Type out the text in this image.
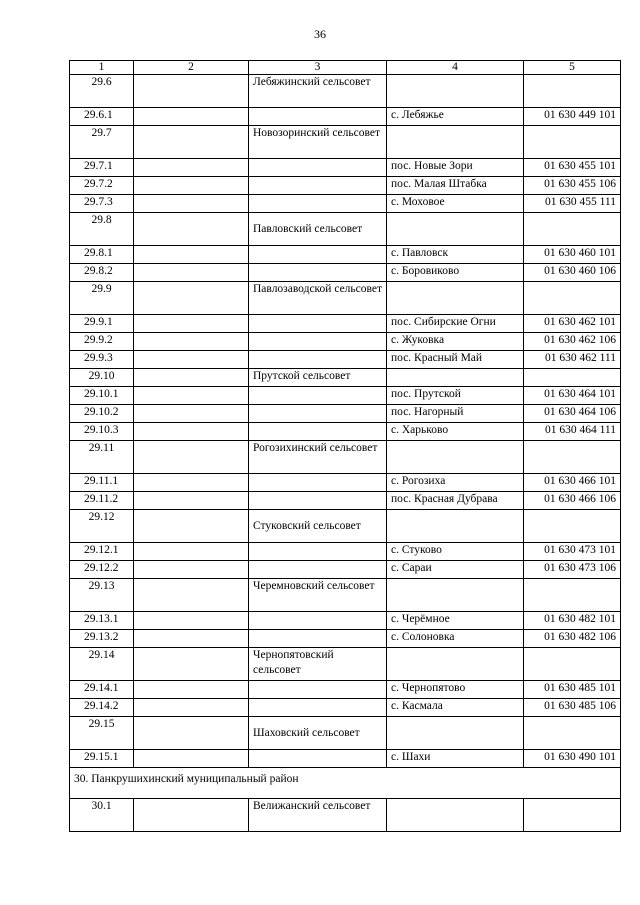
36
1	2	3	4	5
29.6		Лебяжинский сельсовет		
29.6.1			с. Лебяжье	01 630 449 101
29.7		Новозоринский сельсовет		
29.7.1			пос. Новые Зори	01 630 455 101
29.7.2			пос. Малая Штабка	01 630 455 106
29.7.3			с. Моховое	01 630 455 111
29.8		Павловский сельсовет		
29.8.1			с. Павловск	01 630 460 101
29.8.2			с. Боровиково	01 630 460 106
29.9		Павлозаводской сельсовет		
29.9.1			пос. Сибирские Огни	01 630 462 101
29.9.2			с. Жуковка	01 630 462 106
29.9.3			пос. Красный Май	01 630 462 111
29.10		Прутской сельсовет		
29.10.1			пос. Прутской	01 630 464 101
29.10.2			пос. Нагорный	01 630 464 106
29.10.3			с. Харьково	01 630 464 111
29.11		Рогозихинский сельсовет		
29.11.1			с. Рогозиха	01 630 466 101
29.11.2			пос. Красная Дубрава	01 630 466 106
29.12		Стуковский сельсовет		
29.12.1			с. Стуково	01 630 473 101
29.12.2			с. Сараи	01 630 473 106
29.13		Черемновский сельсовет		
29.13.1			с. Черёмное	01 630 482 101
29.13.2			с. Солоновка	01 630 482 106
29.14		Чернопятовский сельсовет		
29.14.1			с. Чернопятово	01 630 485 101
29.14.2			с. Касмала	01 630 485 106
29.15		Шаховский сельсовет		
29.15.1			с. Шахи	01 630 490 101
30. Панкрушихинский муниципальный район				
30.1		Велижанский сельсовет		
